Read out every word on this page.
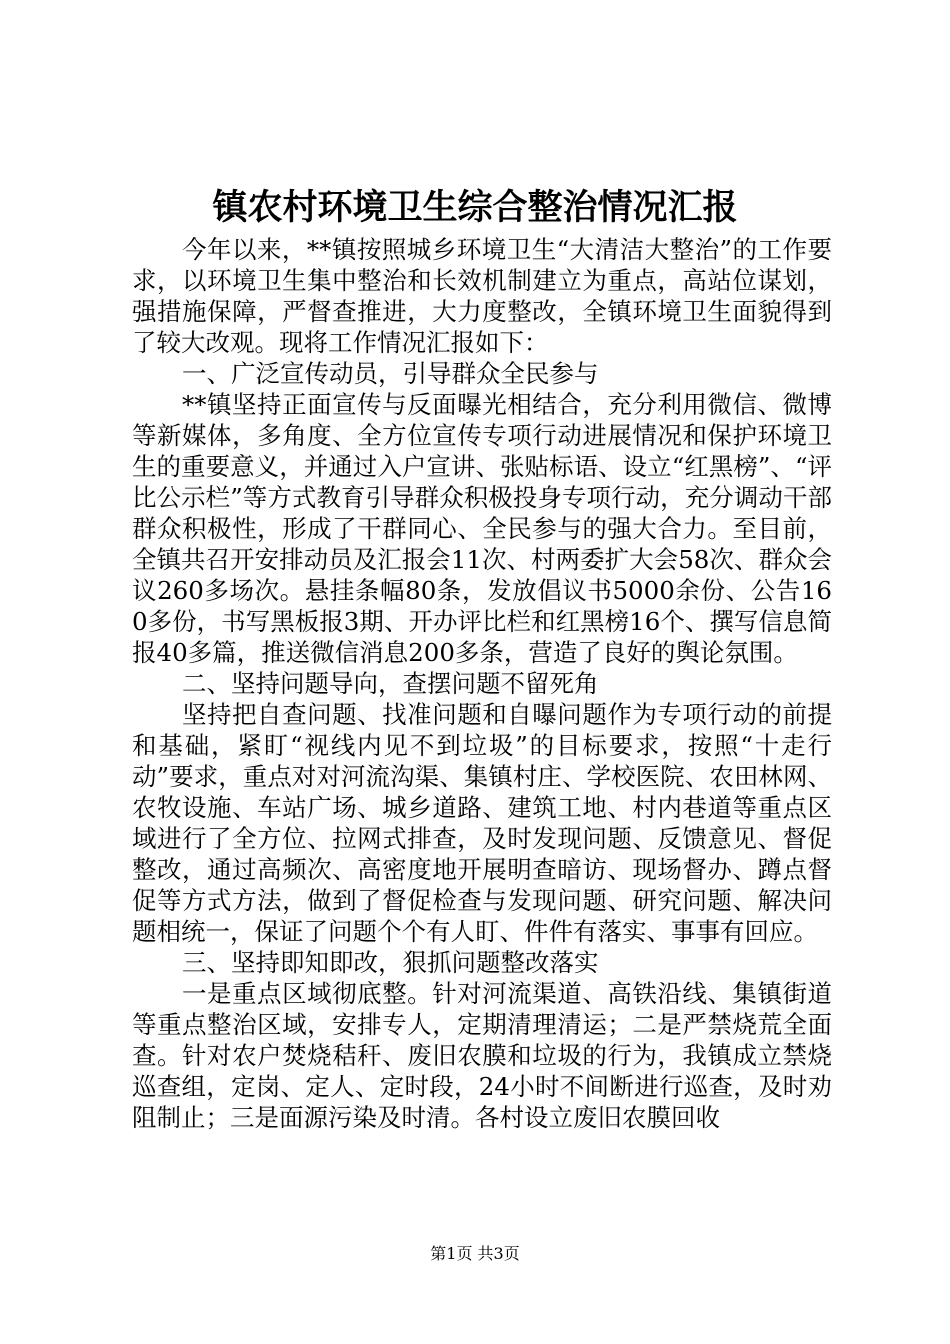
镇农村环境卫生综合整治情况汇报

今年以来，**镇按照城乡环境卫生“大清洁大整治”的工作要求，以环境卫生集中整治和长效机制建立为重点，高站位谋划，强措施保障，严督查推进，大力度整改，全镇环境卫生面貌得到了较大改观。现将工作情况汇报如下：

一、广泛宣传动员，引导群众全民参与

**镇坚持正面宣传与反面曝光相结合，充分利用微信、微博等新媒体，多角度、全方位宣传专项行动进展情况和保护环境卫生的重要意义，并通过入户宣讲、张贴标语、设立“红黑榜”、“评比公示栏”等方式教育引导群众积极投身专项行动，充分调动干部群众积极性，形成了干群同心、全民参与的强大合力。至目前，全镇共召开安排动员及汇报会11次、村两委扩大会58次、群众会议260多场次。悬挂条幅80条，发放倡议书5000余份、公告160多份，书写黑板报3期、开办评比栏和红黑榜16个、撰写信息简报40多篇，推送微信消息200多条，营造了良好的舆论氛围。

二、坚持问题导向，查摆问题不留死角

坚持把自查问题、找准问题和自曝问题作为专项行动的前提和基础，紧盯“视线内见不到垃圾”的目标要求，按照“十走行动”要求，重点对对河流沟渠、集镇村庄、学校医院、农田林网、农牧设施、车站广场、城乡道路、建筑工地、村内巷道等重点区域进行了全方位、拉网式排查，及时发现问题、反馈意见、督促整改，通过高频次、高密度地开展明查暗访、现场督办、蹲点督促等方式方法，做到了督促检查与发现问题、研究问题、解决问题相统一，保证了问题个个有人盯、件件有落实、事事有回应。

三、坚持即知即改，狠抓问题整改落实

一是重点区域彻底整。针对河流渠道、高铁沿线、集镇街道等重点整治区域，安排专人，定期清理清运；二是严禁烧荒全面查。针对农户焚烧秸秆、废旧农膜和垃圾的行为，我镇成立禁烧巡查组，定岗、定人、定时段，24小时不间断进行巡查，及时劝阻制止；三是面源污染及时清。各村设立废旧农膜回收

第1页 共3页
